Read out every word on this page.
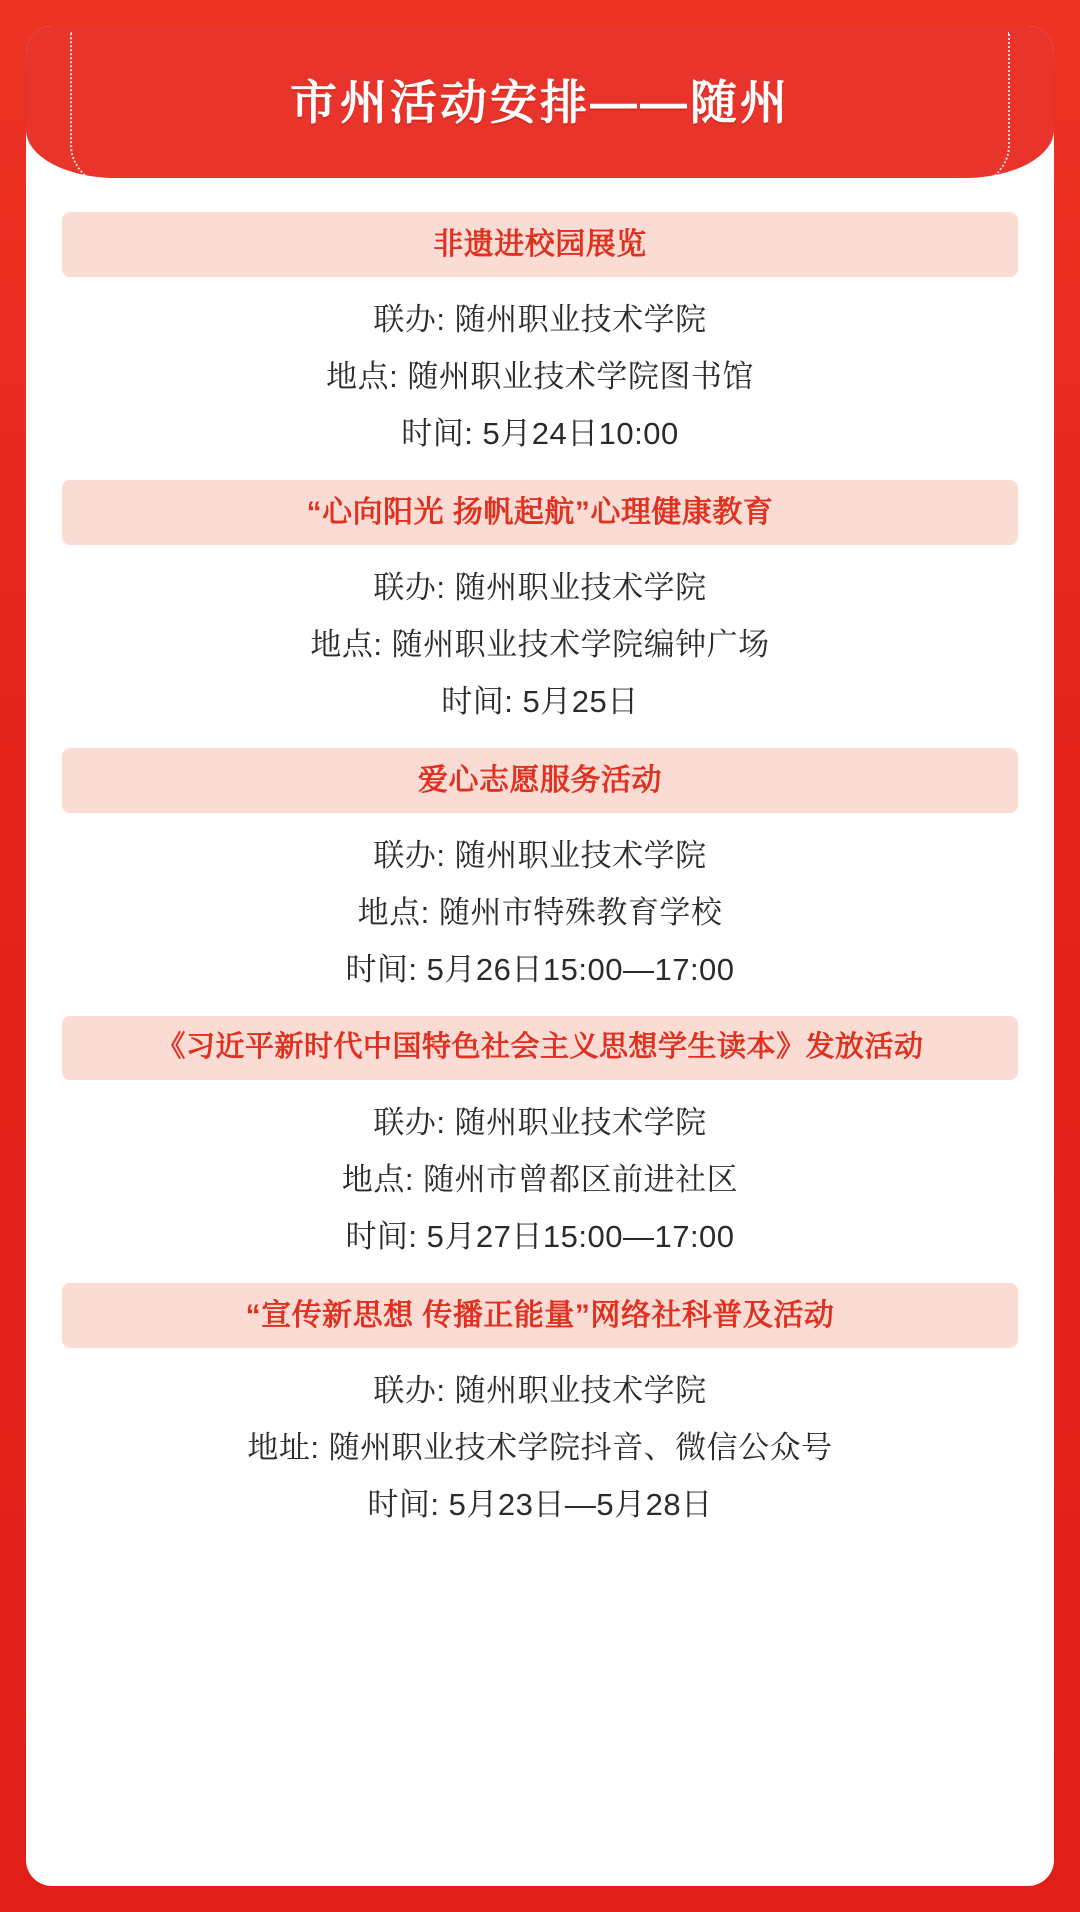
市州活动安排——随州
非遗进校园展览
联办: 随州职业技术学院
地点: 随州职业技术学院图书馆
时间: 5月24日10:00
“心向阳光 扬帆起航”心理健康教育
联办: 随州职业技术学院
地点: 随州职业技术学院编钟广场
时间: 5月25日
爱心志愿服务活动
联办: 随州职业技术学院
地点: 随州市特殊教育学校
时间: 5月26日15:00—17:00
《习近平新时代中国特色社会主义思想学生读本》发放活动
联办: 随州职业技术学院
地点: 随州市曾都区前进社区
时间: 5月27日15:00—17:00
“宣传新思想 传播正能量”网络社科普及活动
联办: 随州职业技术学院
地址: 随州职业技术学院抖音、微信公众号
时间: 5月23日—5月28日
